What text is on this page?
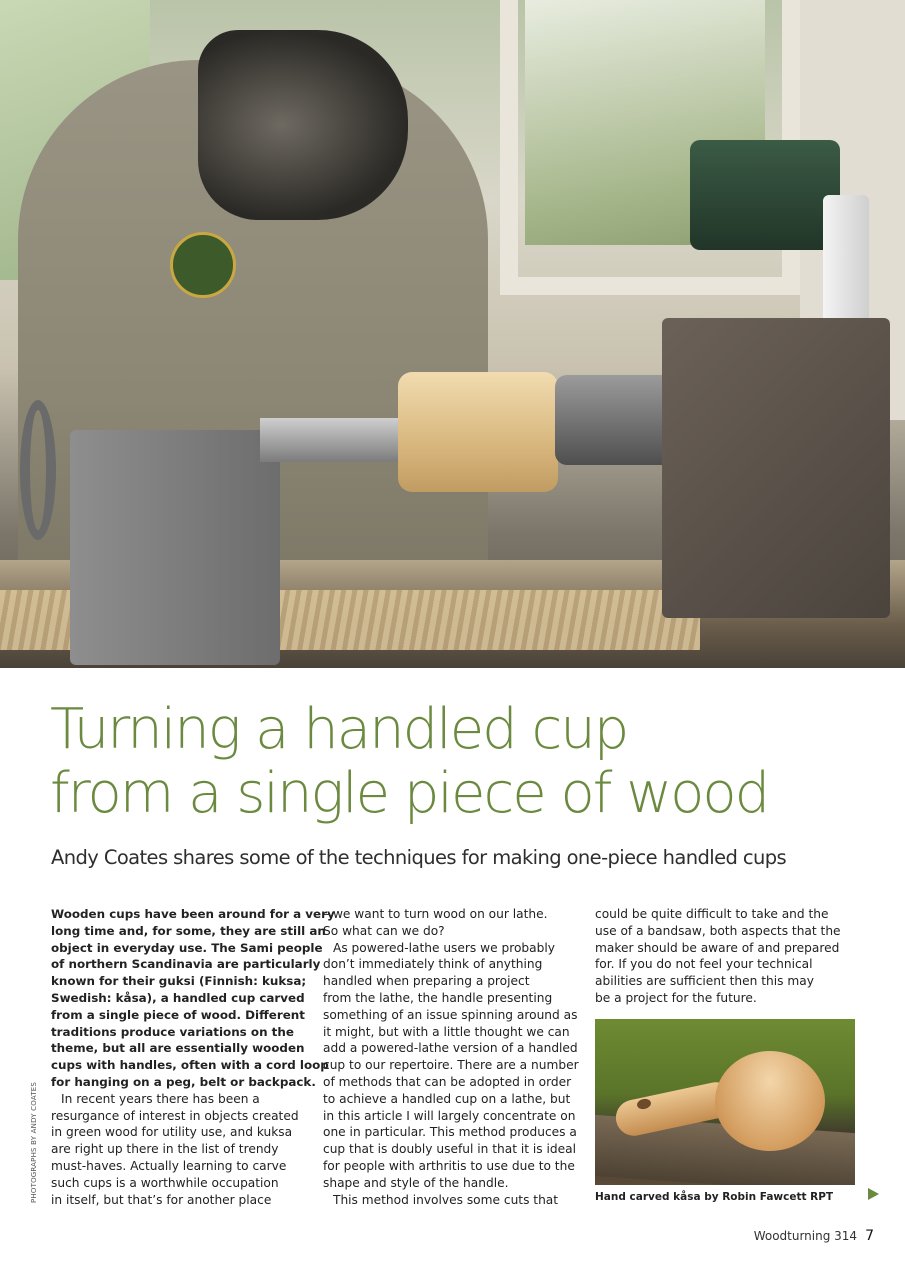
Turning a handled cup
from a single piece of wood

Andy Coates shares some of the techniques for making one-piece handled cups

PHOTOGRAPHS BY ANDY COATES

Wooden cups have been around for a very
long time and, for some, they are still an
object in everyday use. The Sami people
of northern Scandinavia are particularly
known for their guksi (Finnish: kuksa;
Swedish: kåsa), a handled cup carved
from a single piece of wood. Different
traditions produce variations on the
theme, but all are essentially wooden
cups with handles, often with a cord loop
for hanging on a peg, belt or backpack.

In recent years there has been a
resurgance of interest in objects created
in green wood for utility use, and kuksa
are right up there in the list of trendy
must-haves. Actually learning to carve
such cups is a worthwhile occupation
in itself, but that’s for another place

– we want to turn wood on our lathe.
So what can we do?

As powered-lathe users we probably
don’t immediately think of anything
handled when preparing a project
from the lathe, the handle presenting
something of an issue spinning around as
it might, but with a little thought we can
add a powered-lathe version of a handled
cup to our repertoire. There are a number
of methods that can be adopted in order
to achieve a handled cup on a lathe, but
in this article I will largely concentrate on
one in particular. This method produces a
cup that is doubly useful in that it is ideal
for people with arthritis to use due to the
shape and style of the handle.

This method involves some cuts that

could be quite difficult to take and the
use of a bandsaw, both aspects that the
maker should be aware of and prepared
for. If you do not feel your technical
abilities are sufficient then this may
be a project for the future.

Hand carved kåsa by Robin Fawcett RPT
Woodturning 314 7
